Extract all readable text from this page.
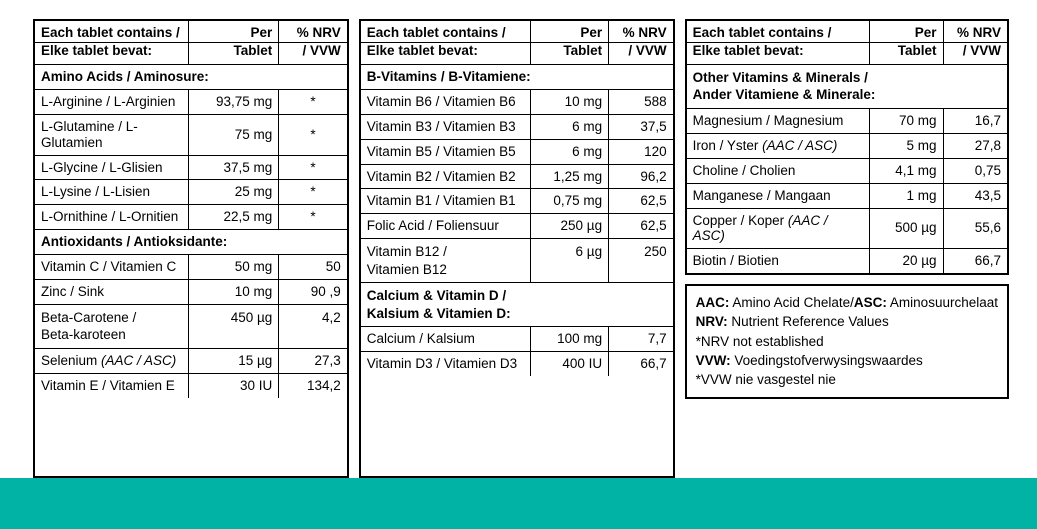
Each tablet contains /	Per	% NRV
Elke tablet bevat:	Tablet	/ VVW
Amino Acids / Aminosure:		
L-Arginine / L-Arginien	93,75 mg	*
L-Glutamine / L-Glutamien	75 mg	*
L-Glycine / L-Glisien	37,5 mg	*
L-Lysine / L-Lisien	25 mg	*
L-Ornithine / L-Ornitien	22,5 mg	*
Antioxidants / Antioksidante:		
Vitamin C / Vitamien C	50 mg	50
Zinc / Sink	10 mg	90 ,9
Beta-Carotene /	450 µg	4,2
Beta-karoteen		
Selenium (AAC / ASC)	15 µg	27,3
Vitamin E / Vitamien E	30 IU	134,2
Each tablet contains /	Per	% NRV
Elke tablet bevat:	Tablet	/ VVW
B-Vitamins / B-Vitamiene:		
Vitamin B6 / Vitamien B6	10 mg	588
Vitamin B3 / Vitamien B3	6 mg	37,5
Vitamin B5 / Vitamien B5	6 mg	120
Vitamin B2 / Vitamien B2	1,25 mg	96,2
Vitamin B1 / Vitamien B1	0,75 mg	62,5
Folic Acid / Foliensuur	250 µg	62,5
Vitamin B12 /	6 µg	250
Vitamien B12		
Calcium & Vitamin D /		
Kalsium & Vitamien D:		
Calcium / Kalsium	100 mg	7,7
Vitamin D3 / Vitamien D3	400 IU	66,7
Each tablet contains /	Per	% NRV
Elke tablet bevat:	Tablet	/ VVW
Other Vitamins & Minerals /		
Ander Vitamiene & Minerale:		
Magnesium / Magnesium	70 mg	16,7
Iron / Yster (AAC / ASC)	5 mg	27,8
Choline / Cholien	4,1 mg	0,75
Manganese / Mangaan	1 mg	43,5
Copper / Koper (AAC / ASC)	500 µg	55,6
Biotin / Biotien	20 µg	66,7
AAC: Amino Acid Chelate/ASC: Aminosuurchelaat
NRV: Nutrient Reference Values
*NRV not established
VVW: Voedingstofverwysingswaardes
*VVW nie vasgestel nie
